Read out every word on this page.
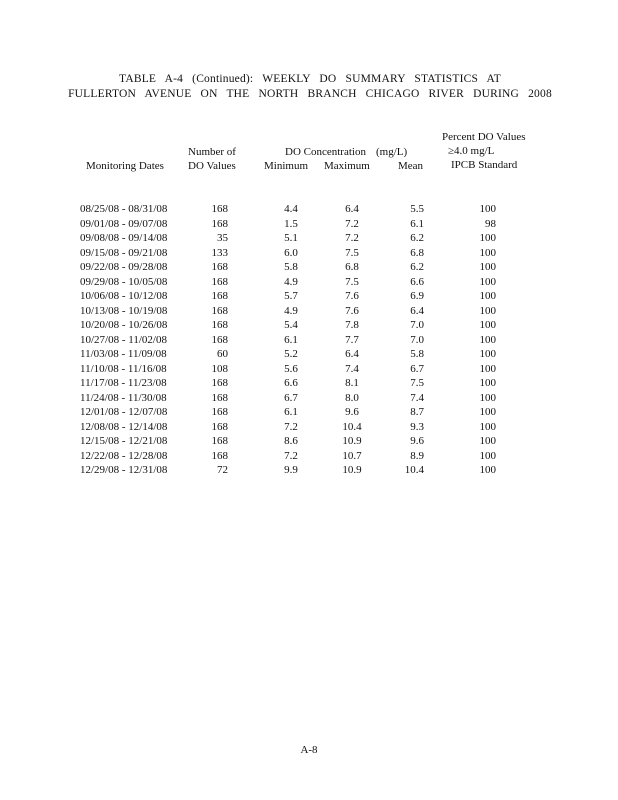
TABLE A-4 (Continued): WEEKLY DO SUMMARY STATISTICS AT
FULLERTON AVENUE ON THE NORTH BRANCH CHICAGO RIVER DURING 2008
Percent DO Values
≥4.0 mg/L
IPCB Standard
Number of
DO Values
DO Concentration (mg/L)
Minimum Maximum	Mean
Monitoring Dates
08/25/08 - 08/31/08	168	4.4	6.4	5.5	100
09/01/08 - 09/07/08	168	1.5	7.2	6.1	98
09/08/08 - 09/14/08	35	5.1	7.2	6.2	100
09/15/08 - 09/21/08	133	6.0	7.5	6.8	100
09/22/08 - 09/28/08	168	5.8	6.8	6.2	100
09/29/08 - 10/05/08	168	4.9	7.5	6.6	100
10/06/08 - 10/12/08	168	5.7	7.6	6.9	100
10/13/08 - 10/19/08	168	4.9	7.6	6.4	100
10/20/08 - 10/26/08	168	5.4	7.8	7.0	100
10/27/08 - 11/02/08	168	6.1	7.7	7.0	100
11/03/08 - 11/09/08	60	5.2	6.4	5.8	100
11/10/08 - 11/16/08	108	5.6	7.4	6.7	100
11/17/08 - 11/23/08	168	6.6	8.1	7.5	100
11/24/08 - 11/30/08	168	6.7	8.0	7.4	100
12/01/08 - 12/07/08	168	6.1	9.6	8.7	100
12/08/08 - 12/14/08	168	7.2	10.4	9.3	100
12/15/08 - 12/21/08	168	8.6	10.9	9.6	100
12/22/08 - 12/28/08	168	7.2	10.7	8.9	100
12/29/08 - 12/31/08	72	9.9	10.9	10.4	100
A-8
